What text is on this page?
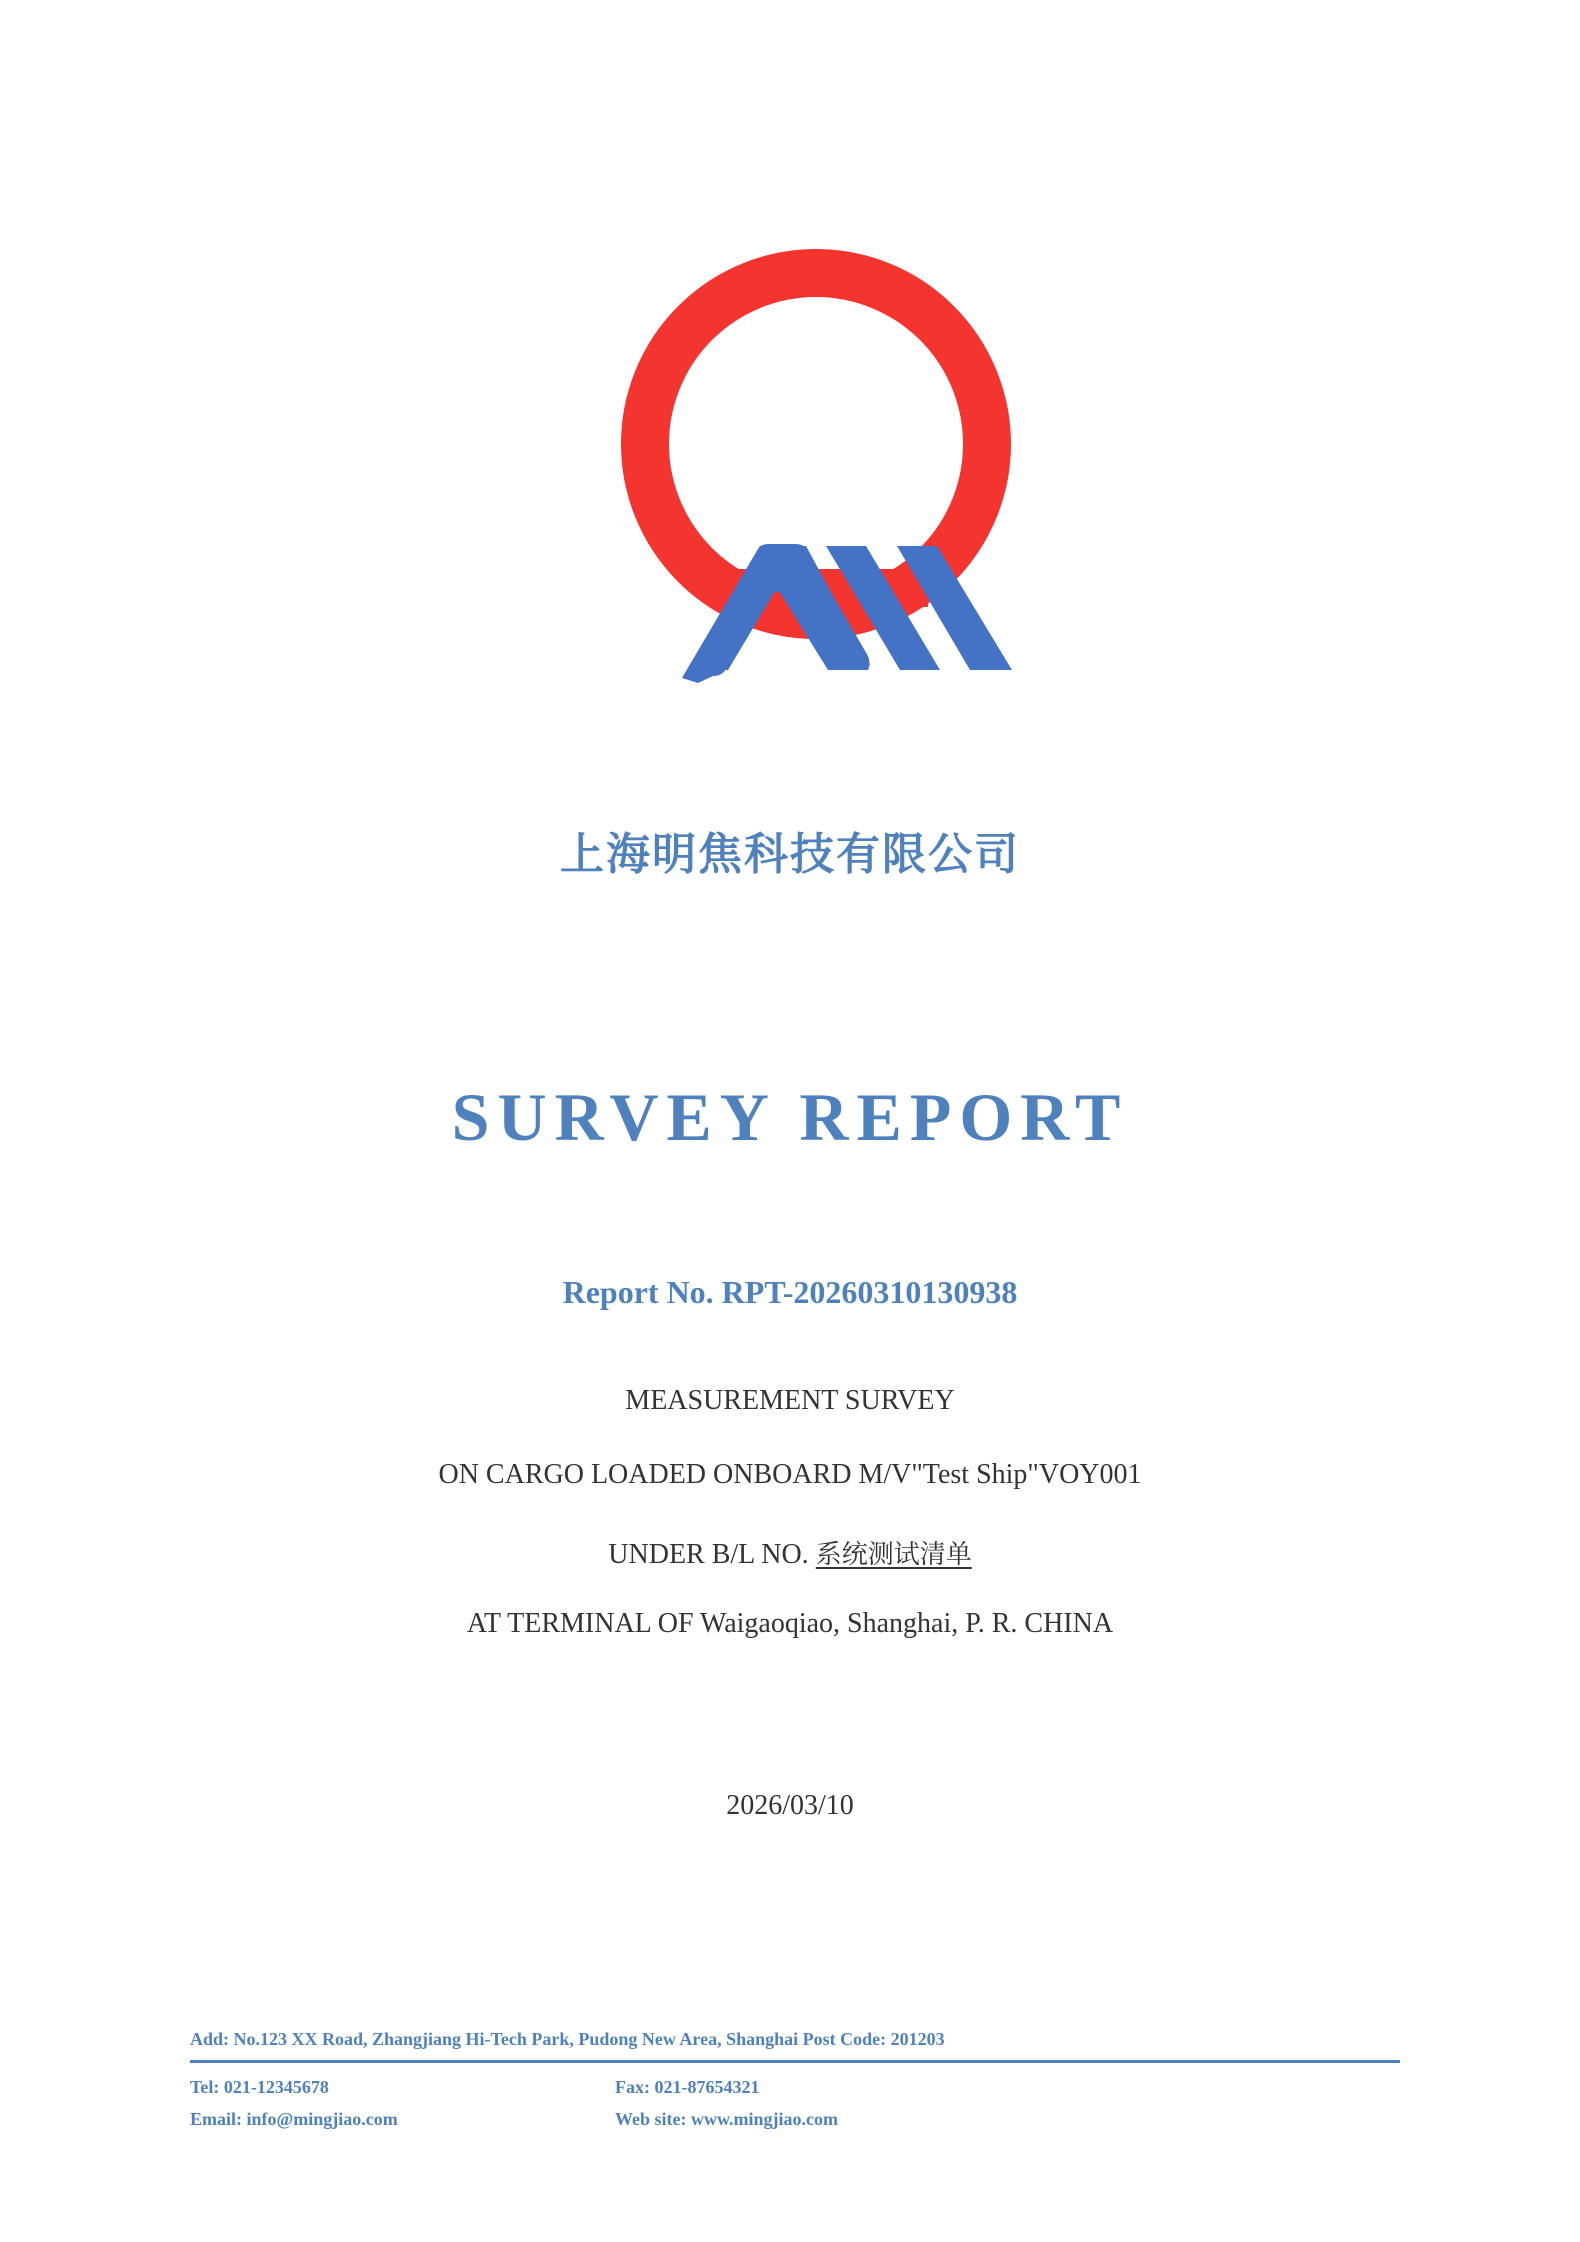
上海明焦科技有限公司
SURVEY REPORT
Report No. RPT-20260310130938
MEASUREMENT SURVEY
ON CARGO LOADED ONBOARD M/V"Test Ship"VOY001
UNDER B/L NO. 系统测试清单
AT TERMINAL OF Waigaoqiao, Shanghai, P. R. CHINA
2026/03/10
Add: No.123 XX Road, Zhangjiang Hi-Tech Park, Pudong New Area, Shanghai Post Code: 201203
Tel: 021-12345678	Fax: 021-87654321
Email: info@mingjiao.com	Web site: www.mingjiao.com
